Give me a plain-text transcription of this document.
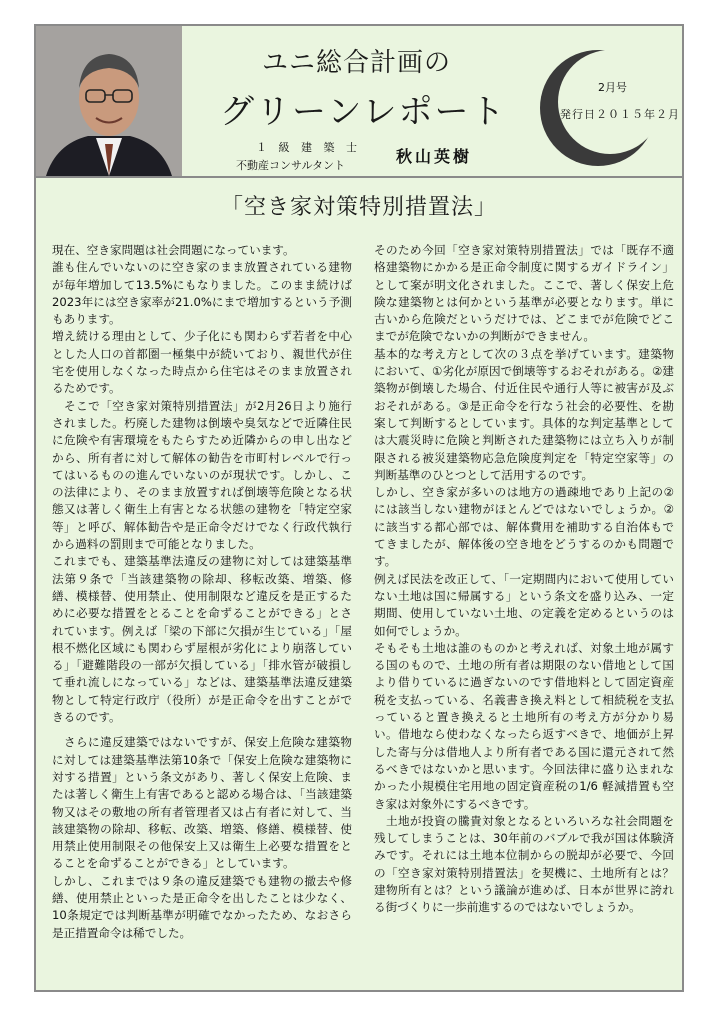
ユニ総合計画の
グリーンレポート
１ 級 建 築 士
不動産コンサルタント	秋山英樹
2月号
発行日２０１５年２月
「空き家対策特別措置法」

現在、空き家問題は社会問題になっています。

誰も住んでいないのに空き家のまま放置されている建物が毎年増加して13.5%にもなりました。このまま続けば2023年には空き家率が21.0%にまで増加するという予測もあります。

増え続ける理由として、少子化にも関わらず若者を中心とした人口の首都圏一極集中が続いており、親世代が住宅を使用しなくなった時点から住宅はそのまま放置されるためです。

　そこで「空き家対策特別措置法」が2月26日より施行されました。朽廃した建物は倒壊や臭気などで近隣住民に危険や有害環境をもたらすため近隣からの申し出などから、所有者に対して解体の勧告を市町村レベルで行ってはいるものの進んでいないのが現状です。しかし、この法律により、そのまま放置すれば倒壊等危険となる状態又は著しく衛生上有害となる状態の建物を「特定空家等」と呼び、解体勧告や是正命令だけでなく行政代執行から過料の罰則まで可能となりました。

これまでも、建築基準法違反の建物に対しては建築基準法第９条で「当該建築物の除却、移転改築、増築、修繕、模様替、使用禁止、使用制限など違反を是正するために必要な措置をとることを命ずることができる」とされています。例えば「梁の下部に欠損が生じている」「屋根不燃化区域にも関わらず屋根が劣化により崩落している」「避難階段の一部が欠損している」「排水管が破損して垂れ流しになっている」などは、建築基準法違反建築物として特定行政庁（役所）が是正命令を出すことができるのです。

　さらに違反建築ではないですが、保安上危険な建築物に対しては建築基準法第10条で「保安上危険な建築物に対する措置」という条文があり、著しく保安上危険、または著しく衛生上有害であると認める場合は、「当該建築物又はその敷地の所有者管理者又は占有者に対して、当該建築物の除却、移転、改築、増築、修繕、模様替、使用禁止使用制限その他保安上又は衛生上必要な措置をとることを命ずることができる」としています。

しかし、これまでは９条の違反建築でも建物の撤去や修繕、使用禁止といった是正命令を出したことは少なく、10条規定では判断基準が明確でなかったため、なおさら是正措置命令は稀でした。

そのため今回「空き家対策特別措置法」では「既存不適格建築物にかかる是正命令制度に関するガイドライン」として案が明文化されました。ここで、著しく保安上危険な建築物とは何かという基準が必要となります。単に古いから危険だというだけでは、どこまでが危険でどこまでが危険でないかの判断ができません。

基本的な考え方として次の３点を挙げています。建築物において、①劣化が原因で倒壊等するおそれがある。②建築物が倒壊した場合、付近住民や通行人等に被害が及ぶおそれがある。③是正命令を行なう社会的必要性、を勘案して判断するとしています。具体的な判定基準としては大震災時に危険と判断された建築物には立ち入りが制限される被災建築物応急危険度判定を「特定空家等」の判断基準のひとつとして活用するのです。

しかし、空き家が多いのは地方の過疎地であり上記の②には該当しない建物がほとんどではないでしょうか。②に該当する都心部では、解体費用を補助する自治体もでてきましたが、解体後の空き地をどうするのかも問題です。

例えば民法を改正して、「一定期間内において使用していない土地は国に帰属する」という条文を盛り込み、一定期間、使用していない土地、の定義を定めるというのは如何でしょうか。

そもそも土地は誰のものかと考えれば、対象土地が属する国のもので、土地の所有者は期限のない借地として国より借りているに過ぎないのです借地料として固定資産税を支払っている、名義書き換え料として相続税を支払っていると置き換えると土地所有の考え方が分かり易い。借地なら使わなくなったら返すべきで、地価が上昇した寄与分は借地人より所有者である国に還元されて然るべきではないかと思います。今回法律に盛り込まれなかった小規模住宅用地の固定資産税の1/6 軽減措置も空き家は対象外にするべきです。

　土地が投資の騰貴対象となるといろいろな社会問題を残してしまうことは、30年前のバブルで我が国は体験済みです。それには土地本位制からの脱却が必要で、今回の「空き家対策特別措置法」を契機に、土地所有とは？建物所有とは？という議論が進めば、日本が世界に誇れる街づくりに一歩前進するのではないでしょうか。
